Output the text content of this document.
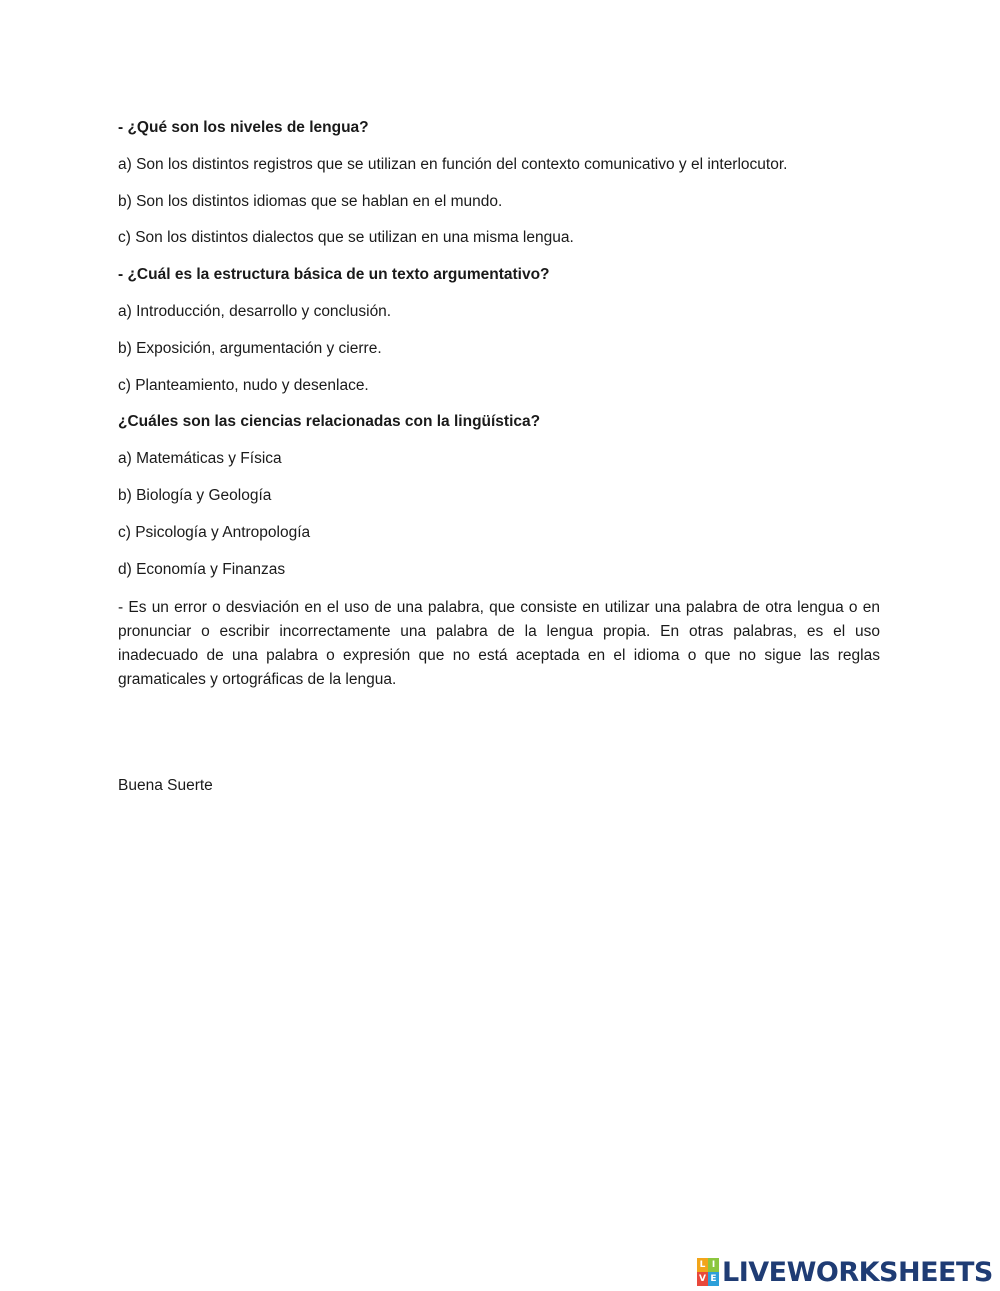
- ¿Qué son los niveles de lengua?
a) Son los distintos registros que se utilizan en función del contexto comunicativo y el interlocutor.
b) Son los distintos idiomas que se hablan en el mundo.
c) Son los distintos dialectos que se utilizan en una misma lengua.
- ¿Cuál es la estructura básica de un texto argumentativo?
a) Introducción, desarrollo y conclusión.
b) Exposición, argumentación y cierre.
c) Planteamiento, nudo y desenlace.
¿Cuáles son las ciencias relacionadas con la lingüística?
a) Matemáticas y Física
b) Biología y Geología
c) Psicología y Antropología
d) Economía y Finanzas

- Es un error o desviación en el uso de una palabra, que consiste en utilizar una palabra de otra lengua o en pronunciar o escribir incorrectamente una palabra de la lengua propia. En otras palabras, es el uso inadecuado de una palabra o expresión que no está aceptada en el idioma o que no sigue las reglas gramaticales y ortográficas de la lengua.

Buena Suerte
L I
V E LIVEWORKSHEETS
